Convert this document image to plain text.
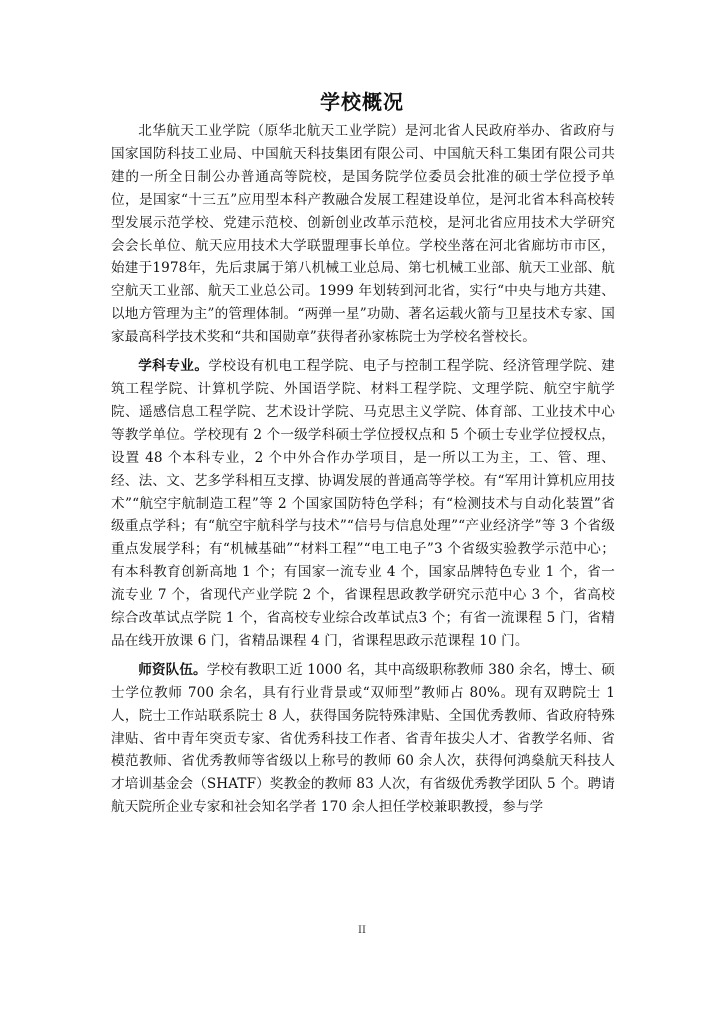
学校概况

北华航天工业学院（原华北航天工业学院）是河北省人民政府举办、省政府与国家国防科技工业局、中国航天科技集团有限公司、中国航天科工集团有限公司共建的一所全日制公办普通高等院校，是国务院学位委员会批准的硕士学位授予单位，是国家“十三五”应用型本科产教融合发展工程建设单位，是河北省本科高校转型发展示范学校、党建示范校、创新创业改革示范校，是河北省应用技术大学研究会会长单位、航天应用技术大学联盟理事长单位。学校坐落在河北省廊坊市市区，始建于1978年，先后隶属于第八机械工业总局、第七机械工业部、航天工业部、航空航天工业部、航天工业总公司。1999 年划转到河北省，实行“中央与地方共建、以地方管理为主”的管理体制。“两弹一星”功勋、著名运载火箭与卫星技术专家、国家最高科学技术奖和“共和国勋章”获得者孙家栋院士为学校名誉校长。

学科专业。学校设有机电工程学院、电子与控制工程学院、经济管理学院、建筑工程学院、计算机学院、外国语学院、材料工程学院、文理学院、航空宇航学院、遥感信息工程学院、艺术设计学院、马克思主义学院、体育部、工业技术中心等教学单位。学校现有 2 个一级学科硕士学位授权点和 5 个硕士专业学位授权点，设置 48 个本科专业，2 个中外合作办学项目，是一所以工为主，工、管、理、经、法、文、艺多学科相互支撑、协调发展的普通高等学校。有“军用计算机应用技术”“航空宇航制造工程”等 2 个国家国防特色学科；有“检测技术与自动化装置”省级重点学科；有“航空宇航科学与技术”“信号与信息处理”“产业经济学”等 3 个省级重点发展学科；有“机械基础”“材料工程”“电工电子”3 个省级实验教学示范中心；有本科教育创新高地 1 个；有国家一流专业 4 个，国家品牌特色专业 1 个，省一流专业 7 个，省现代产业学院 2 个，省课程思政教学研究示范中心 3 个，省高校综合改革试点学院 1 个，省高校专业综合改革试点3 个；有省一流课程 5 门，省精品在线开放课 6 门，省精品课程 4 门，省课程思政示范课程 10 门。

师资队伍。学校有教职工近 1000 名，其中高级职称教师 380 余名，博士、硕士学位教师 700 余名，具有行业背景或“双师型”教师占 80%。现有双聘院士 1 人，院士工作站联系院士 8 人，获得国务院特殊津贴、全国优秀教师、省政府特殊津贴、省中青年突贡专家、省优秀科技工作者、省青年拔尖人才、省教学名师、省模范教师、省优秀教师等省级以上称号的教师 60 余人次，获得何鸿燊航天科技人才培训基金会（SHATF）奖教金的教师 83 人次，有省级优秀教学团队 5 个。聘请航天院所企业专家和社会知名学者 170 余人担任学校兼职教授，参与学

II
